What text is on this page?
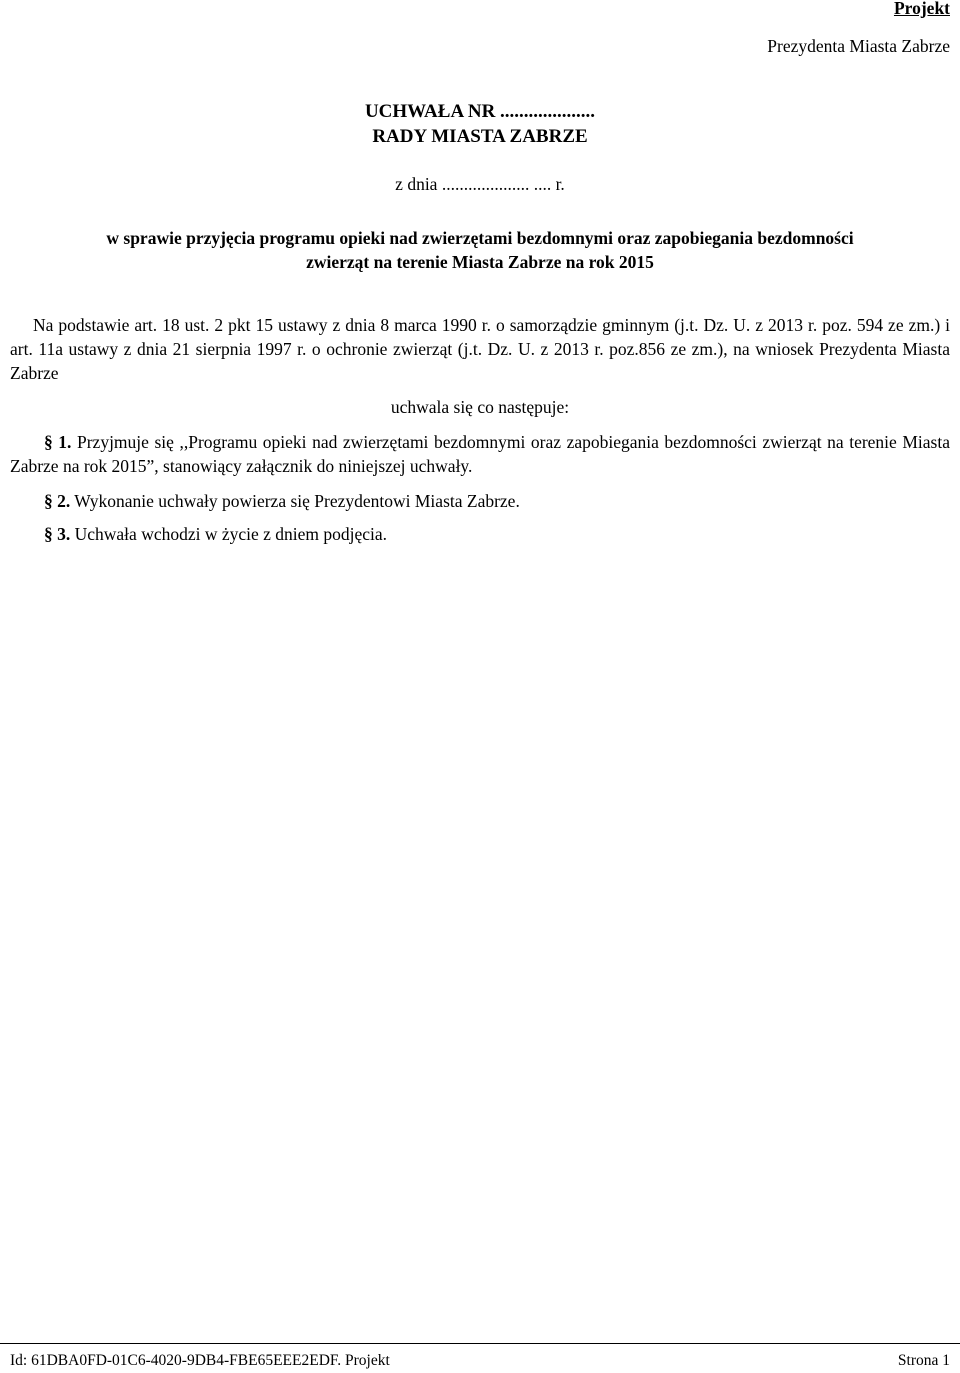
Projekt
Prezydenta Miasta Zabrze
UCHWAŁA NR ....................
RADY MIASTA ZABRZE
z dnia .................... .... r.
w sprawie przyjęcia programu opieki nad zwierzętami bezdomnymi oraz zapobiegania bezdomności
zwierząt na terenie Miasta Zabrze na rok 2015
Na podstawie art. 18 ust. 2 pkt 15 ustawy z dnia 8 marca 1990 r. o samorządzie gminnym (j.t. Dz. U. z 2013 r. poz. 594 ze zm.) i art. 11a ustawy z dnia 21 sierpnia 1997 r. o ochronie zwierząt (j.t. Dz. U. z 2013 r. poz.856 ze zm.), na wniosek Prezydenta Miasta Zabrze
uchwala się co następuje:
§ 1. Przyjmuje się ,,Programu opieki nad zwierzętami bezdomnymi oraz zapobiegania bezdomności zwierząt na terenie Miasta Zabrze na rok 2015”, stanowiący załącznik do niniejszej uchwały.
§ 2. Wykonanie uchwały powierza się Prezydentowi Miasta Zabrze.
§ 3. Uchwała wchodzi w życie z dniem podjęcia.
Id: 61DBA0FD-01C6-4020-9DB4-FBE65EEE2EDF. Projekt	Strona 1
